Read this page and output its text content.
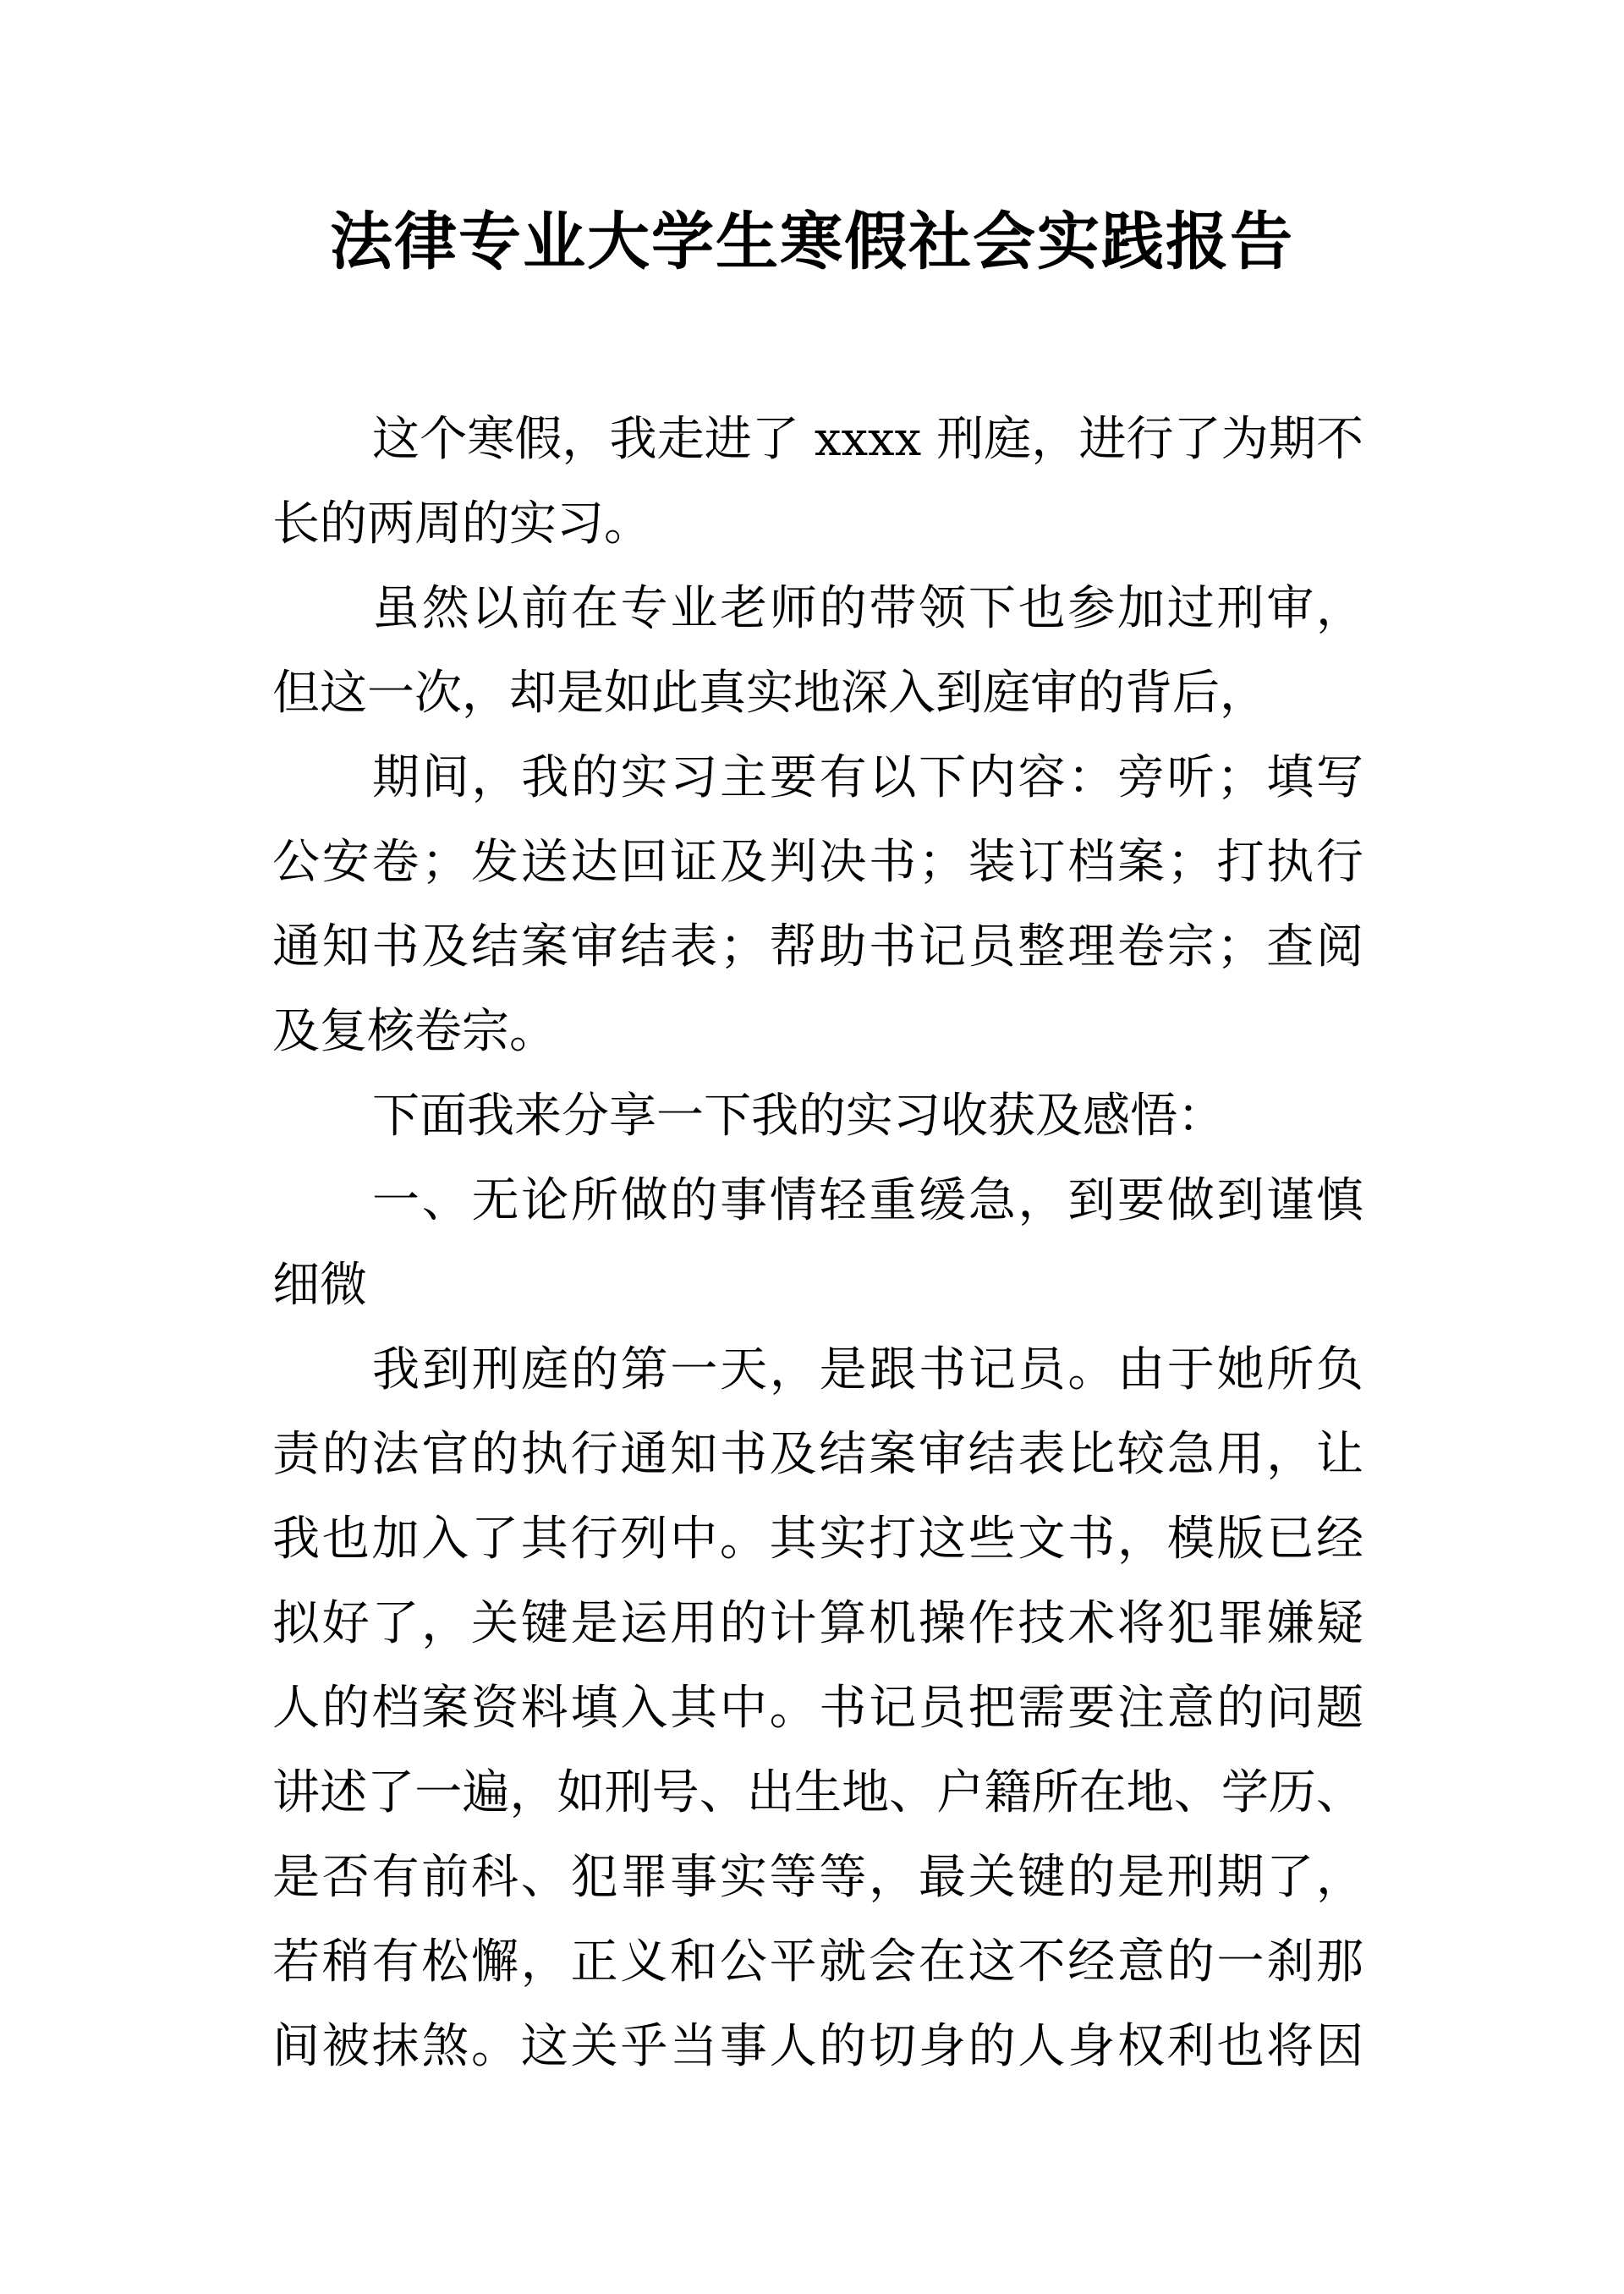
法律专业大学生寒假社会实践报告
这个寒假，我走进了 xxxx 刑庭，进行了为期不
长的两周的实习。
虽然以前在专业老师的带领下也参加过刑审，
但这一次，却是如此真实地深入到庭审的背后，
期间，我的实习主要有以下内容：旁听；填写
公安卷；发送达回证及判决书；装订档案；打执行
通知书及结案审结表；帮助书记员整理卷宗；查阅
及复核卷宗。
下面我来分享一下我的实习收获及感悟：
一、无论所做的事情轻重缓急，到要做到谨慎
细微
我到刑庭的第一天，是跟书记员。由于她所负
责的法官的执行通知书及结案审结表比较急用，让
我也加入了其行列中。其实打这些文书，模版已经
拟好了，关键是运用的计算机操作技术将犯罪嫌疑
人的档案资料填入其中。书记员把需要注意的问题
讲述了一遍，如刑号、出生地、户籍所在地、学历、
是否有前科、犯罪事实等等，最关键的是刑期了，
若稍有松懈，正义和公平就会在这不经意的一刹那
间被抹煞。这关乎当事人的切身的人身权利也将因
